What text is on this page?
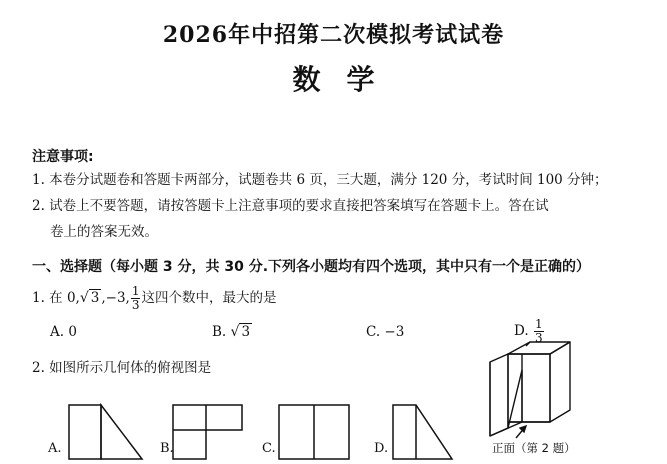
2026年中招第二次模拟考试试卷
数学
注意事项:
1. 本卷分试题卷和答题卡两部分，试题卷共 6 页，三大题，满分 120 分，考试时间 100 分钟；
2. 试卷上不要答题，请按答题卡上注意事项的要求直接把答案填写在答题卡上。答在试
卷上的答案无效。
一、选择题（每小题 3 分，共 30 分.下列各小题均有四个选项，其中只有一个是正确的）
1. 在 0,√ 3 ,−3, $\frac{1}{3}$ 这四个数中，最大的是
A. 0	B. √ 3	C. −3	D. $\frac{1}{3}$
2. 如图所示几何体的俯视图是
A.	B.	C.	D.	正面（第 2 题）
